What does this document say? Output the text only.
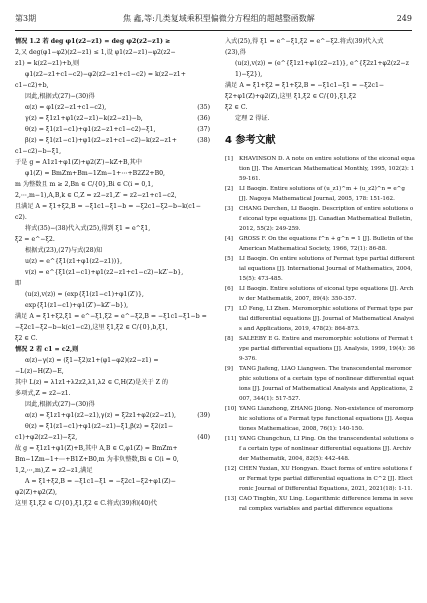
第3期	焦 鑫,等:几类复域乘积型偏微分方程组的超越整函数解	249

情况 1.2 若 deg φ1(z2−z1) = deg φ2(z2−z1) ≥

2,又 deg(φ1−φ2)(z2−z1) ≤ 1,设 φ1(z2−z1)−φ2(z2−

z1) = k(z2−z1)+b,则

φ1(z2−z1+c1−c2)−φ2(z2−z1+c1−c2) = k(z2−z1+

c1−c2)+b,

因此,根据式(27)−(30)得

α(z) = φ1(z2−z1+c1−c2),	(35)

γ(z) = ξ1z1+φ1(z2−z1)−k(z2−z1)−b,	(36)

θ(z) = ξ1(z1−c1)+φ1(z2−z1+c1−c2)−ξ1,	(37)

β(z) = ξ1(z1−c1)+φ1(z2−z1+c1−c2)−k(z2−z1+	(38)

c1−c2)−b−ξ1,

于是 g = A1z1+φ1(Z)+φ2(Z′)−kZ+B,其中

φ1(Z) = BmZm+Bm−1Zm−1+⋯+B2Z2+B0,

m 为整数且 m ≥ 2,Bn ∈ C/{0},Bi ∈ C(i = 0,1,

2,⋯,m−1),A,B,k ∈ C,Z = z2−z1,Z′ = z2−z1+c1−c2,

且满足 A = ξ1+ξ2,B = −ξ1c1−ξ1−b = −ξ2c1−ξ2−b−k(c1−

c2).

将式(35)−(38)代入式(25),得到 ξ1 = e^ξ1,

ξ2 = e^−ξ2.

根据式(23),(27)与式(28)知

u(z) = e^{ξ1(z1+φ1(z2−z1))},

v(z) = e^{ξ1(z1−c1)+φ1(z2−z1+c1−c2)−kZ′−b},

即

(u(z),v(z)) = (exp{ξ1(z1−c1)+φ1(Z′)},

exp{ξ1(z1−c1)+φ1(Z′)−kZ′−b}),

满足 A = ξ1+ξ2,ξ1 = e^−ξ1,ξ2 = e^−ξ2,B = −ξ1c1−ξ1−b =

−ξ2c1−ξ2−b−k(c1−c2),这里 ξ1,ξ2 ∈ C/{0},b,ξ1,

ξ2 ∈ C.

情况 2 若 c1 = c2,则

α(z)−γ(z) = (ξ1−ξ2)z1+(φ1−φ2)(z2−z1) =

−L(z)−H(Z)−E,

其中 L(z) = λ1z1+λ2z2,λ1,λ2 ∈ C,H(Z)是关于 Z 的

多项式,Z = z2−z1.

因此,根据式(27)−(30)得

α(z) = ξ1z1+φ1(z2−z1),γ(z) = ξ2z1+φ2(z2−z1),	(39)

θ(z) = ξ1(z1−c1)+φ1(z2−z1)−ξ1,β(z) = ξ2(z1−

c1)+φ2(z2−z1)−ξ2,	(40)

故 g = ξ1z1+φ1(Z)+B,其中 A,B ∈ C,φ1(Z) = BmZm+

Bm−1Zm−1+⋯+B1Z+B0,m 为非负整数,Bi ∈ C(i = 0,

1,2,⋯,m),Z = z2−z1,满足

A = ξ1+ξ2,B = −ξ1c1−ξ1 = −ξ2c1−ξ2+φ1(Z)−

φ2(Z)+φ2(Z),

这里 ξ1,ξ2 ∈ C/{0},ξ1,ξ2 ∈ C.将式(39)和(40)代

入式(25),得 ξ1 = e^−ξ1,ξ2 = e^−ξ2.将式(39)代入式

(23),得

(u(z),v(z)) = (e^{ξ1z1+φ1(z2−z1)}, e^{ξ2z1+φ2(z2−z1)−ξ2}),

满足 A = ξ1+ξ2 = ξ1+ξ2,B = −ξ1c1−ξ1 = −ξ2c1−

ξ2+φ1(Z)+φ2(Z),这里 ξ1,ξ2 ∈ C/{0},ξ1,ξ2

ξ2 ∈ C.

定理 2 得证.

4 参考文献

[1] KHAVINSON D. A note on entire solutions of the eiconal equation [J]. The American Mathematical Monthly, 1995, 102(2): 159-161.

[2] LI Baoqin. Entire solutions of (u_z1)^m + (u_z2)^n = e^g [J]. Nagoya Mathematical Journal, 2005, 178: 151-162.

[3] CHANG Derchen, LI Baoqin. Description of entire solutions of eiconal type equations [J]. Canadian Mathematical Bulletin, 2012, 55(2): 249-259.

[4] GROSS F. On the equations f^n + g^n = 1 [J]. Bulletin of the American Mathematical Society, 1966, 72(1): 86-88.

[5] LI Baoqin. On entire solutions of Fermat type partial differential equations [J]. International Journal of Mathematics, 2004, 15(5): 473-485.

[6] LI Baoqin. Entire solutions of eiconal type equations [J]. Archiv der Mathematik, 2007, 89(4): 350-357.

[7] LÜ Feng, LI Zhen. Meromorphic solutions of Fermat type partial differential equations [J]. Journal of Mathematical Analysis and Applications, 2019, 478(2): 864-873.

[8] SALEEBY E G. Entire and meromorphic solutions of Fermat type partial differential equations [J]. Analysis, 1999, 19(4): 369-376.

[9] TANG Jiafeng, LIAO Liangwen. The transcendental meromorphic solutions of a certain type of nonlinear differential equations [J]. Journal of Mathematical Analysis and Applications, 2007, 344(1): 517-527.

[10] YANG Lianzhong, ZHANG Jilong. Non-existence of meromorphic solutions of a Fermat type functional equations [J]. Aequationes Mathematicae, 2008, 76(1): 140-150.

[11] YANG Chungchun, LI Ping. On the transcendental solutions of a certain type of nonlinear differential equations [J]. Archiv der Mathematik, 2004, 82(5): 442-448.

[12] CHEN Yuxian, XU Hongyan. Exact forms of entire solutions for Fermat type partial differential equations in C^2 [J]. Electronic Journal of Differential Equations, 2021, 2021(18): 1-11.

[13] CAO Tingbin, XU Ling. Logarithmic difference lemma in several complex variables and partial difference equations
